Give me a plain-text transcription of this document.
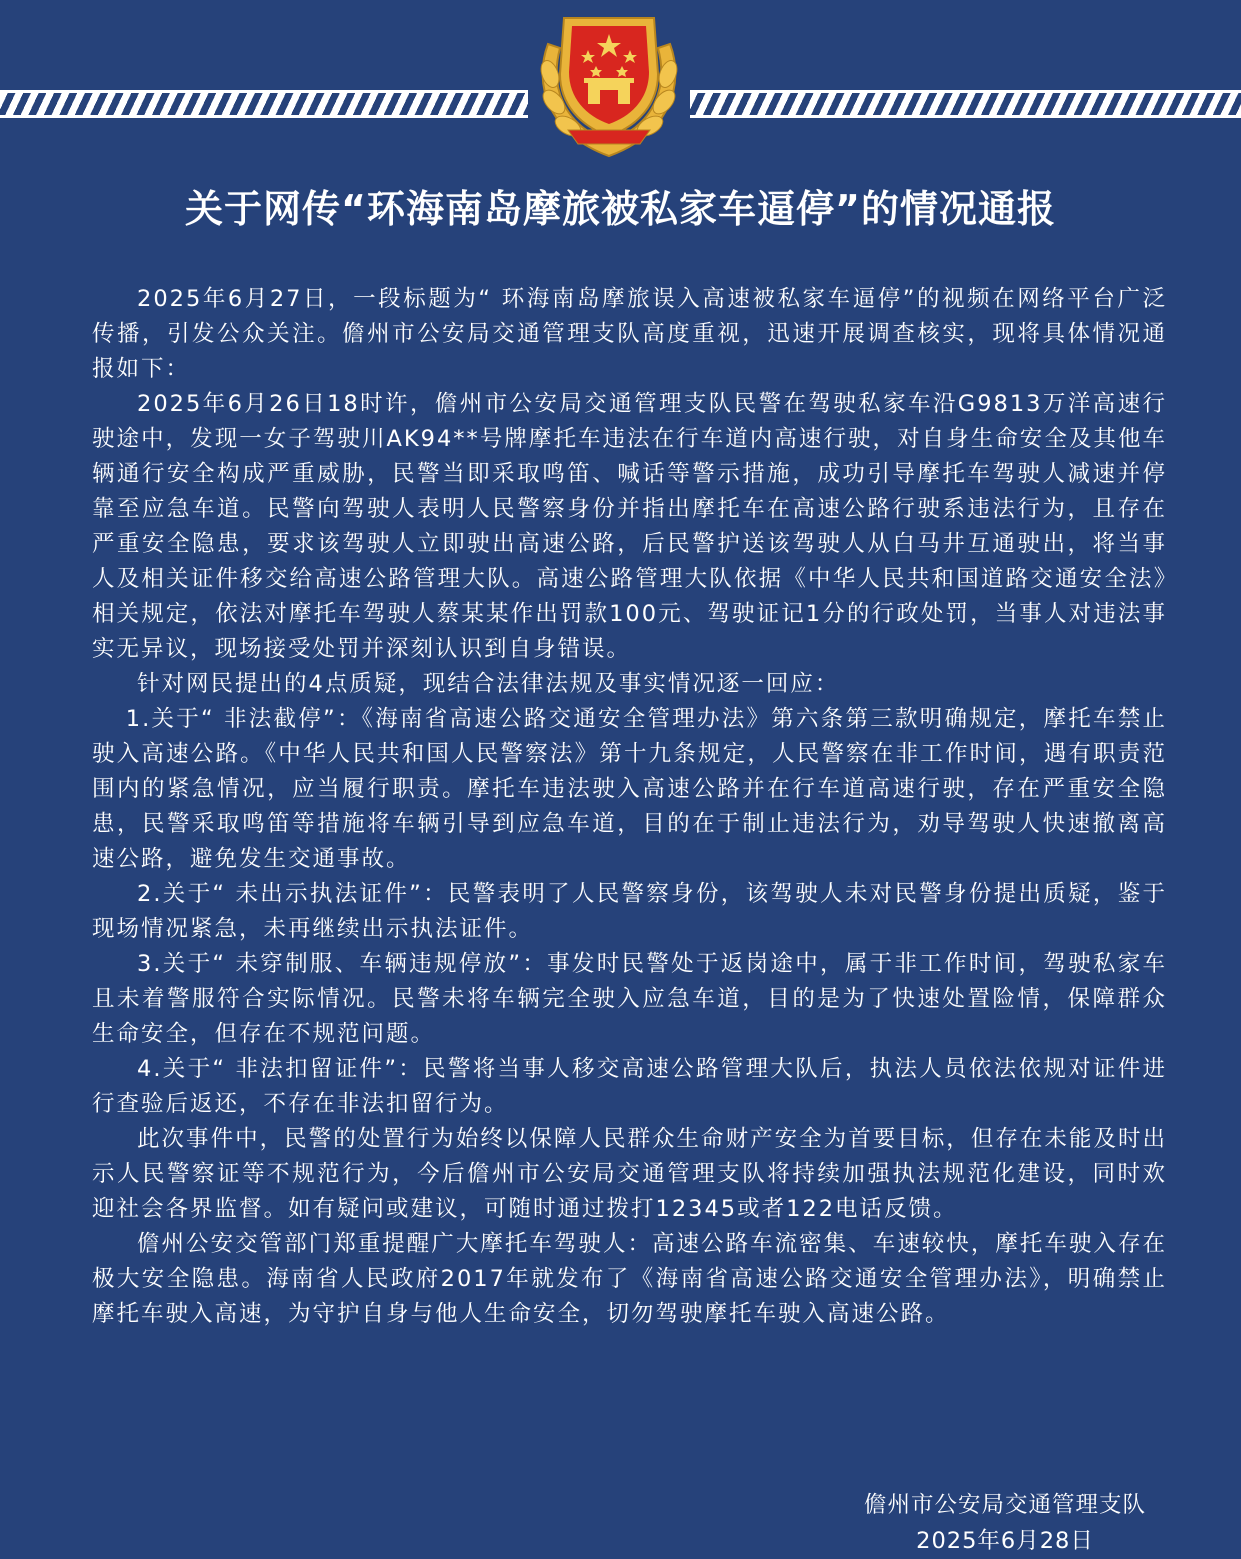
关于网传“环海南岛摩旅被私家车逼停”的情况通报

2025年6月27日，一段标题为“ 环海南岛摩旅误入高速被私家车逼停”的视频在网络平台广泛传播，引发公众关注。儋州市公安局交通管理支队高度重视，迅速开展调查核实，现将具体情况通报如下：

2025年6月26日18时许，儋州市公安局交通管理支队民警在驾驶私家车沿G9813万洋高速行驶途中，发现一女子驾驶川AK94**号牌摩托车违法在行车道内高速行驶，对自身生命安全及其他车辆通行安全构成严重威胁，民警当即采取鸣笛、喊话等警示措施，成功引导摩托车驾驶人减速并停靠至应急车道。民警向驾驶人表明人民警察身份并指出摩托车在高速公路行驶系违法行为，且存在严重安全隐患，要求该驾驶人立即驶出高速公路，后民警护送该驾驶人从白马井互通驶出，将当事人及相关证件移交给高速公路管理大队。高速公路管理大队依据《中华人民共和国道路交通安全法》相关规定，依法对摩托车驾驶人蔡某某作出罚款100元、驾驶证记1分的行政处罚，当事人对违法事实无异议，现场接受处罚并深刻认识到自身错误。

针对网民提出的4点质疑，现结合法律法规及事实情况逐一回应：

1.关于“ 非法截停”：《海南省高速公路交通安全管理办法》第六条第三款明确规定，摩托车禁止驶入高速公路。《中华人民共和国人民警察法》第十九条规定，人民警察在非工作时间，遇有职责范围内的紧急情况，应当履行职责。摩托车违法驶入高速公路并在行车道高速行驶，存在严重安全隐患，民警采取鸣笛等措施将车辆引导到应急车道，目的在于制止违法行为，劝导驾驶人快速撤离高速公路，避免发生交通事故。

2.关于“ 未出示执法证件”：民警表明了人民警察身份，该驾驶人未对民警身份提出质疑，鉴于现场情况紧急，未再继续出示执法证件。

3.关于“ 未穿制服、车辆违规停放”：事发时民警处于返岗途中，属于非工作时间，驾驶私家车且未着警服符合实际情况。民警未将车辆完全驶入应急车道，目的是为了快速处置险情，保障群众生命安全，但存在不规范问题。

4.关于“ 非法扣留证件”：民警将当事人移交高速公路管理大队后，执法人员依法依规对证件进行查验后返还，不存在非法扣留行为。

此次事件中，民警的处置行为始终以保障人民群众生命财产安全为首要目标，但存在未能及时出示人民警察证等不规范行为，今后儋州市公安局交通管理支队将持续加强执法规范化建设，同时欢迎社会各界监督。如有疑问或建议，可随时通过拨打12345或者122电话反馈。

儋州公安交管部门郑重提醒广大摩托车驾驶人：高速公路车流密集、车速较快，摩托车驶入存在极大安全隐患。海南省人民政府2017年就发布了《海南省高速公路交通安全管理办法》，明确禁止摩托车驶入高速，为守护自身与他人生命安全，切勿驾驶摩托车驶入高速公路。

儋州市公安局交通管理支队
2025年6月28日
